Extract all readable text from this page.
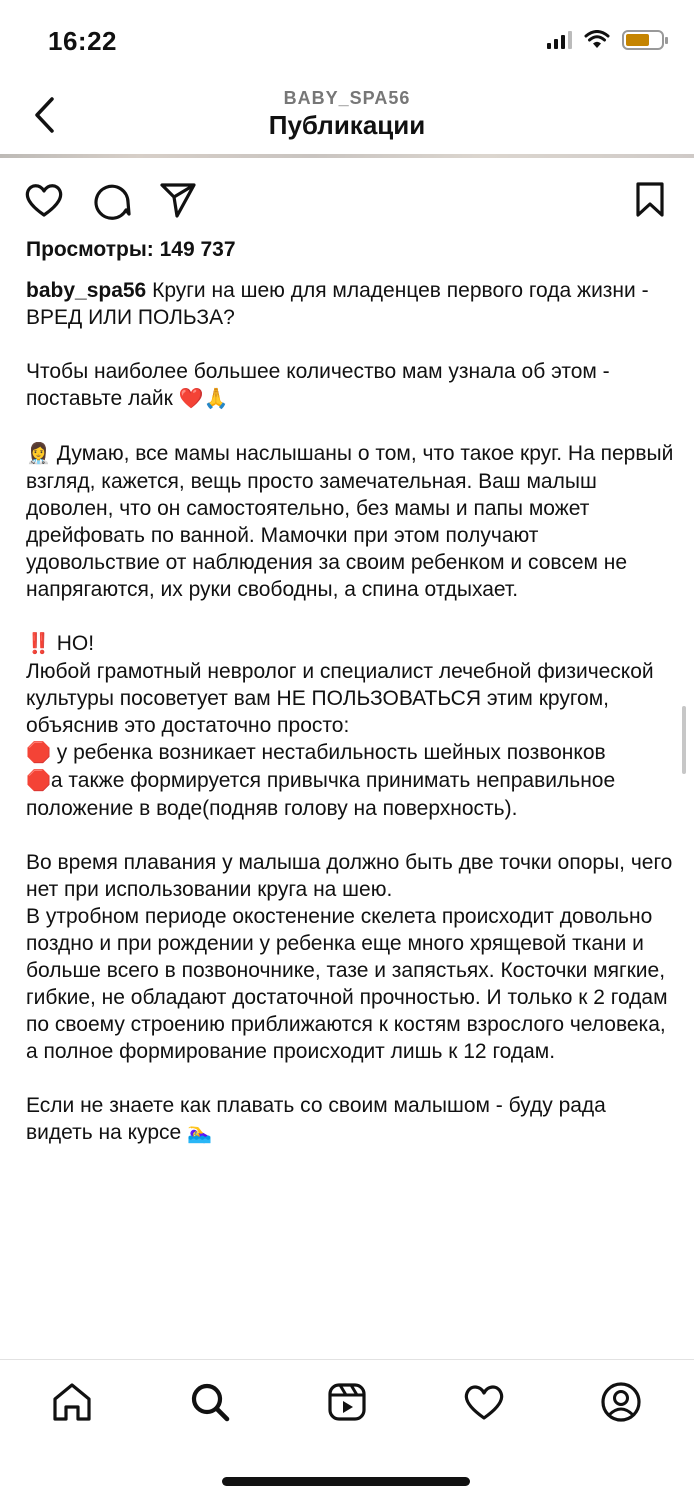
16:22
BABY_SPA56
Публикации
Просмотры: 149 737

baby_spa56 Круги на шею для младенцев первого года жизни - ВРЕД ИЛИ ПОЛЬЗА?

Чтобы наиболее большее количество мам узнала об этом - поставьте лайк ❤️🙏

👩‍⚕️ Думаю, все мамы наслышаны о том, что такое круг. На первый взгляд, кажется, вещь просто замечательная. Ваш малыш доволен, что он самостоятельно, без мамы и папы может дрейфовать по ванной. Мамочки при этом получают удовольствие от наблюдения за своим ребенком и совсем не напрягаются, их руки свободны, а спина отдыхает.

‼️ НО!

Любой грамотный невролог и специалист лечебной физической культуры посоветует вам НЕ ПОЛЬЗОВАТЬСЯ этим кругом, объяснив это достаточно просто:

🛑 у ребенка возникает нестабильность шейных позвонков

🛑а также формируется привычка принимать неправильное положение в воде(подняв голову на поверхность).

Во время плавания у малыша должно быть две точки опоры, чего нет при использовании круга на шею.

В утробном периоде окостенение скелета происходит довольно поздно и при рождении у ребенка еще много хрящевой ткани и больше всего в позвоночнике, тазе и запястьях. Косточки мягкие, гибкие, не обладают достаточной прочностью. И только к 2 годам по своему строению приближаются к костям взрослого человека, а полное формирование происходит лишь к 12 годам.

Если не знаете как плавать со своим малышом - буду рада видеть на курсе 🏊‍♀️
